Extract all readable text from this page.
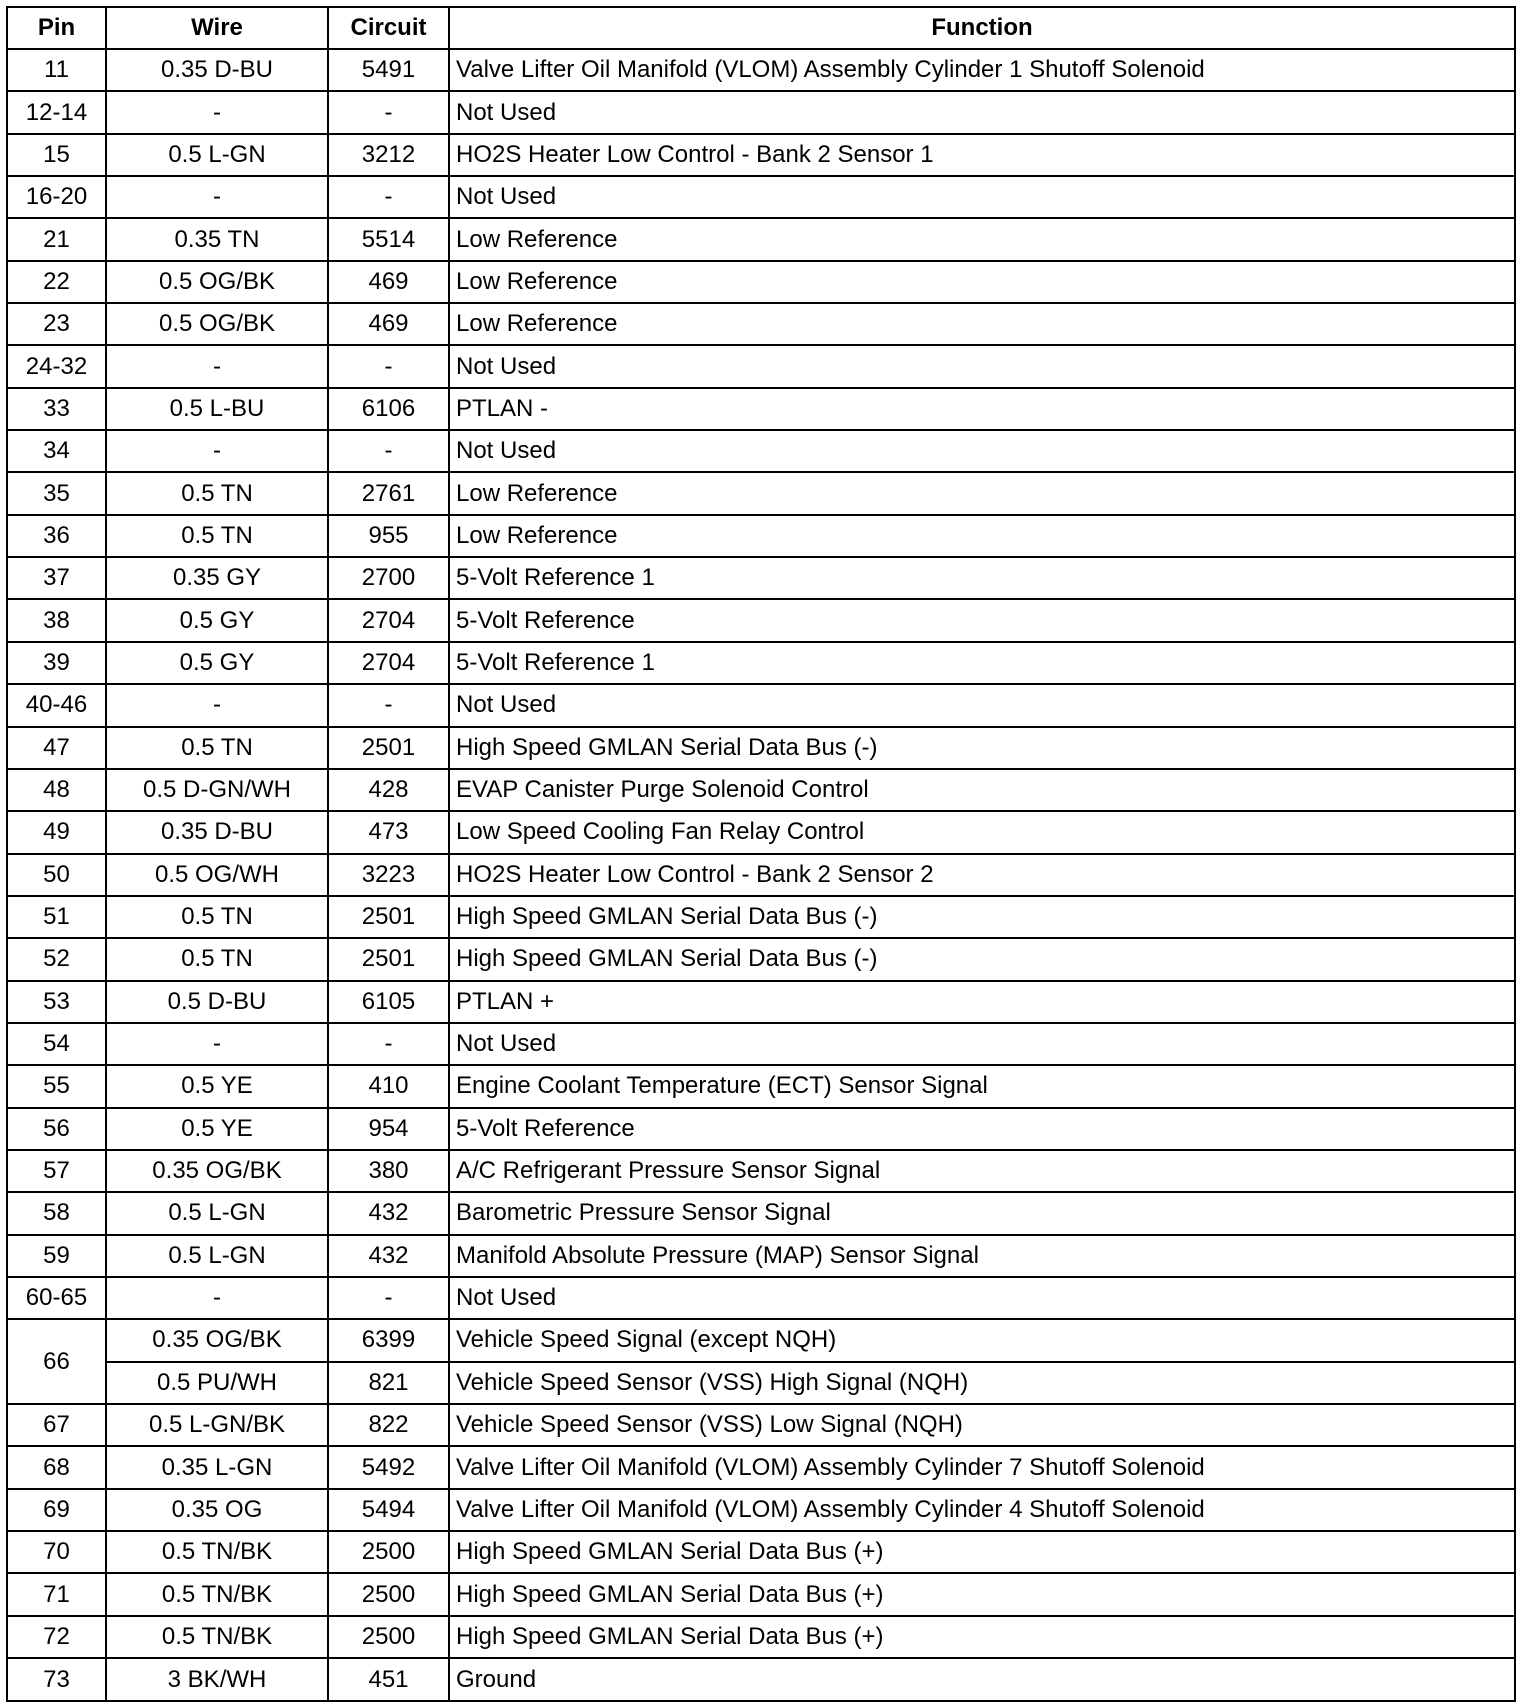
Pin	Wire	Circuit	Function
11	0.35 D-BU	5491	Valve Lifter Oil Manifold (VLOM) Assembly Cylinder 1 Shutoff Solenoid
12-14	-	-	Not Used
15	0.5 L-GN	3212	HO2S Heater Low Control - Bank 2 Sensor 1
16-20	-	-	Not Used
21	0.35 TN	5514	Low Reference
22	0.5 OG/BK	469	Low Reference
23	0.5 OG/BK	469	Low Reference
24-32	-	-	Not Used
33	0.5 L-BU	6106	PTLAN -
34	-	-	Not Used
35	0.5 TN	2761	Low Reference
36	0.5 TN	955	Low Reference
37	0.35 GY	2700	5-Volt Reference 1
38	0.5 GY	2704	5-Volt Reference
39	0.5 GY	2704	5-Volt Reference 1
40-46	-	-	Not Used
47	0.5 TN	2501	High Speed GMLAN Serial Data Bus (-)
48	0.5 D-GN/WH	428	EVAP Canister Purge Solenoid Control
49	0.35 D-BU	473	Low Speed Cooling Fan Relay Control
50	0.5 OG/WH	3223	HO2S Heater Low Control - Bank 2 Sensor 2
51	0.5 TN	2501	High Speed GMLAN Serial Data Bus (-)
52	0.5 TN	2501	High Speed GMLAN Serial Data Bus (-)
53	0.5 D-BU	6105	PTLAN +
54	-	-	Not Used
55	0.5 YE	410	Engine Coolant Temperature (ECT) Sensor Signal
56	0.5 YE	954	5-Volt Reference
57	0.35 OG/BK	380	A/C Refrigerant Pressure Sensor Signal
58	0.5 L-GN	432	Barometric Pressure Sensor Signal
59	0.5 L-GN	432	Manifold Absolute Pressure (MAP) Sensor Signal
60-65	-	-	Not Used
66	0.35 OG/BK	6399	Vehicle Speed Signal (except NQH)
	0.5 PU/WH	821	Vehicle Speed Sensor (VSS) High Signal (NQH)
67	0.5 L-GN/BK	822	Vehicle Speed Sensor (VSS) Low Signal (NQH)
68	0.35 L-GN	5492	Valve Lifter Oil Manifold (VLOM) Assembly Cylinder 7 Shutoff Solenoid
69	0.35 OG	5494	Valve Lifter Oil Manifold (VLOM) Assembly Cylinder 4 Shutoff Solenoid
70	0.5 TN/BK	2500	High Speed GMLAN Serial Data Bus (+)
71	0.5 TN/BK	2500	High Speed GMLAN Serial Data Bus (+)
72	0.5 TN/BK	2500	High Speed GMLAN Serial Data Bus (+)
73	3 BK/WH	451	Ground
